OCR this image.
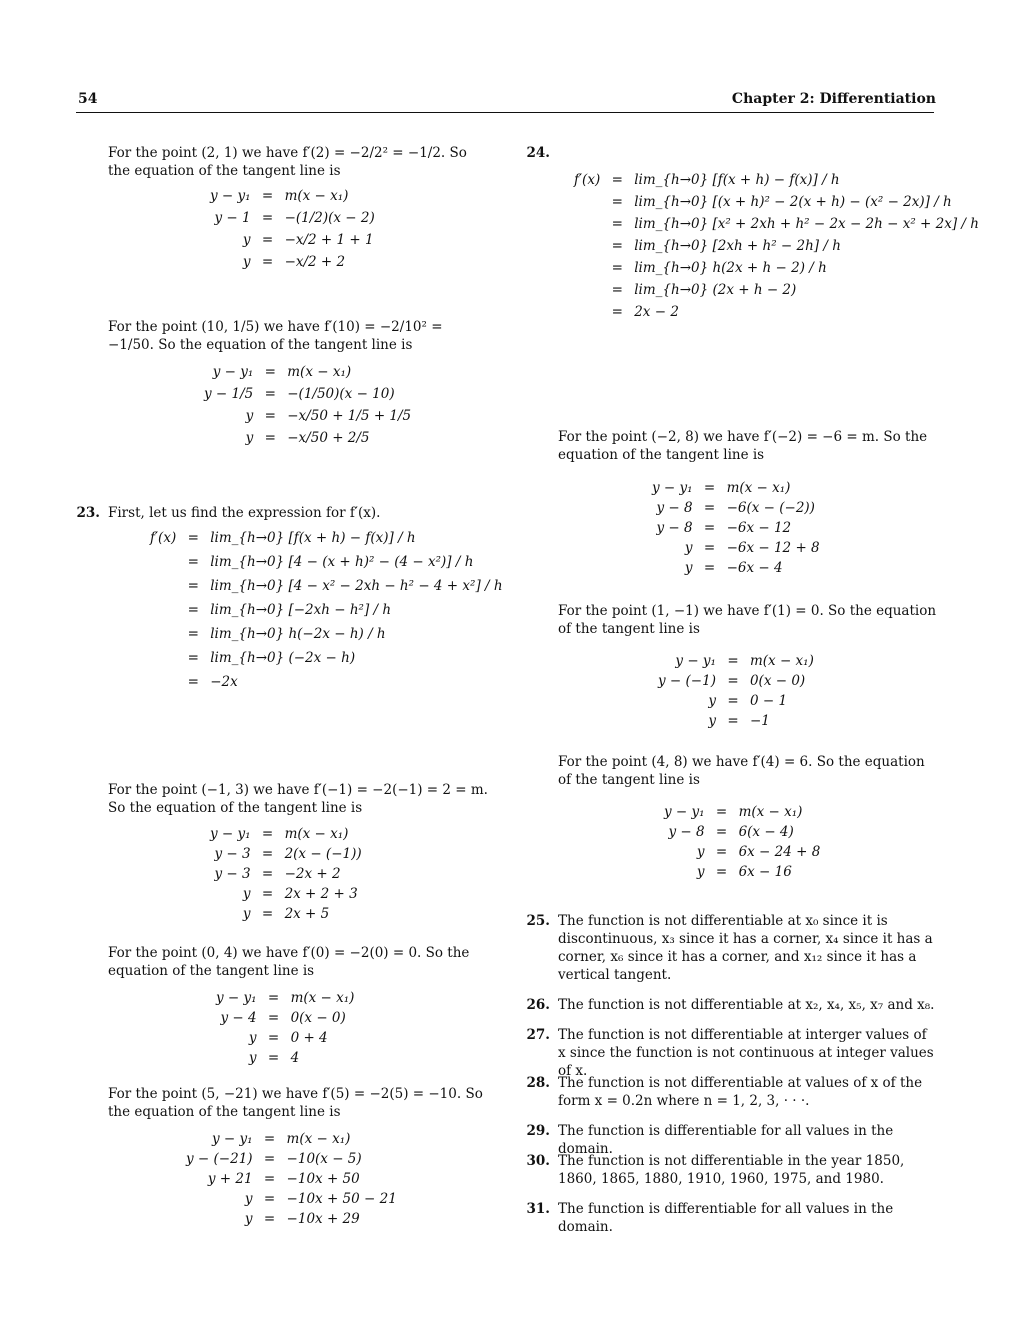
54	Chapter 2: Differentiation
For the point (2, 1) we have f′(2) = −2/2² = −1/2. So the equation of the tangent line is
y − y₁ = m(x − x₁)
y − 1 = −(1/2)(x − 2)
y = −x/2 + 1 + 1
y = −x/2 + 2
For the point (10, 1/5) we have f′(10) = −2/10² = −1/50. So the equation of the tangent line is
y − y₁ = m(x − x₁)
y − 1/5 = −(1/50)(x − 10)
y = −x/50 + 1/5 + 1/5
y = −x/50 + 2/5
23. First, let us find the expression for f′(x).
f′(x) = lim_{h→0} [f(x + h) − f(x)] / h
= lim_{h→0} [4 − (x + h)² − (4 − x²)] / h
= lim_{h→0} [4 − x² − 2xh − h² − 4 + x²] / h
= lim_{h→0} [−2xh − h²] / h
= lim_{h→0} h(−2x − h) / h
= lim_{h→0} (−2x − h)
= −2x
For the point (−1, 3) we have f′(−1) = −2(−1) = 2 = m. So the equation of the tangent line is
y − y₁ = m(x − x₁)
y − 3 = 2(x − (−1))
y − 3 = −2x + 2
y = 2x + 2 + 3
y = 2x + 5
For the point (0, 4) we have f′(0) = −2(0) = 0. So the equation of the tangent line is
y − y₁ = m(x − x₁)
y − 4 = 0(x − 0)
y = 0 + 4
y = 4
For the point (5, −21) we have f′(5) = −2(5) = −10. So the equation of the tangent line is
y − y₁ = m(x − x₁)
y − (−21) = −10(x − 5)
y + 21 = −10x + 50
y = −10x + 50 − 21
y = −10x + 29
24.
f′(x) = lim_{h→0} [f(x + h) − f(x)] / h
= lim_{h→0} [(x + h)² − 2(x + h) − (x² − 2x)] / h
= lim_{h→0} [x² + 2xh + h² − 2x − 2h − x² + 2x] / h
= lim_{h→0} [2xh + h² − 2h] / h
= lim_{h→0} h(2x + h − 2) / h
= lim_{h→0} (2x + h − 2)
= 2x − 2
For the point (−2, 8) we have f′(−2) = −6 = m. So the equation of the tangent line is
y − y₁ = m(x − x₁)
y − 8 = −6(x − (−2))
y − 8 = −6x − 12
y = −6x − 12 + 8
y = −6x − 4
For the point (1, −1) we have f′(1) = 0. So the equation of the tangent line is
y − y₁ = m(x − x₁)
y − (−1) = 0(x − 0)
y = 0 − 1
y = −1
For the point (4, 8) we have f′(4) = 6. So the equation of the tangent line is
y − y₁ = m(x − x₁)
y − 8 = 6(x − 4)
y = 6x − 24 + 8
y = 6x − 16
25. The function is not differentiable at x₀ since it is discontinuous, x₃ since it has a corner, x₄ since it has a corner, x₆ since it has a corner, and x₁₂ since it has a vertical tangent.
26. The function is not differentiable at x₂, x₄, x₅, x₇ and x₈.
27. The function is not differentiable at interger values of x since the function is not continuous at integer values of x.
28. The function is not differentiable at values of x of the form x = 0.2n where n = 1, 2, 3, · · ·.
29. The function is differentiable for all values in the domain.
30. The function is not differentiable in the year 1850, 1860, 1865, 1880, 1910, 1960, 1975, and 1980.
31. The function is differentiable for all values in the domain.
